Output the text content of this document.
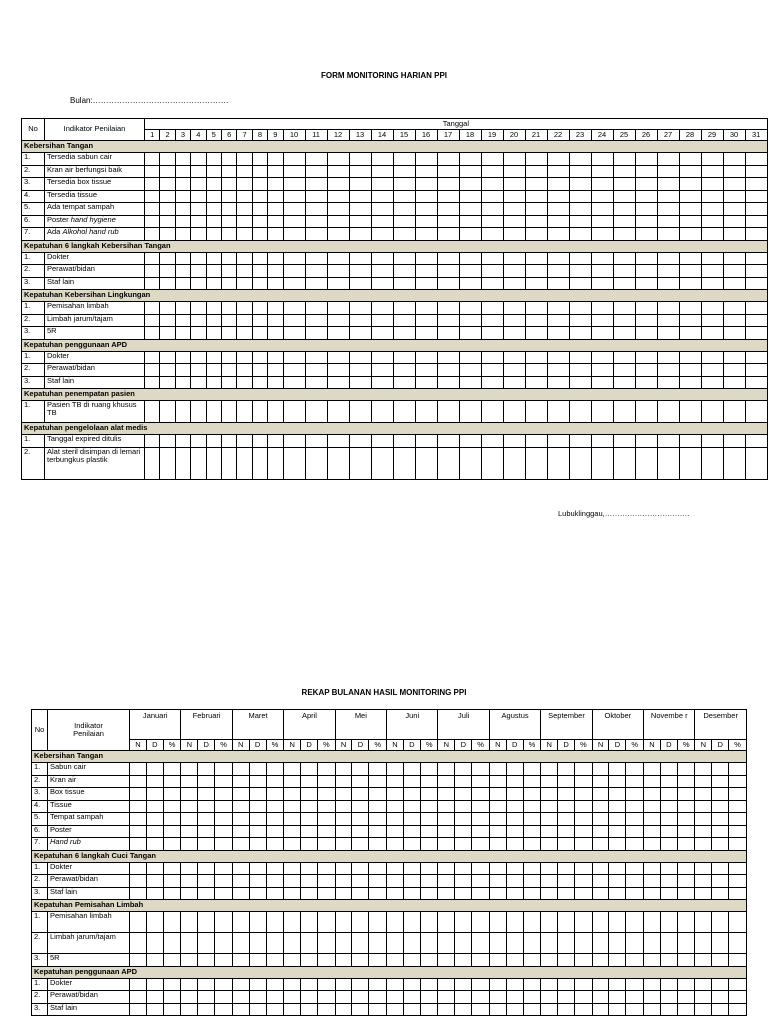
FORM MONITORING HARIAN PPI
Bulan:……………………………………………
No	Indikator Penilaian	Tanggal																														
		1	2	3	4	5	6	7	8	9	10	11	12	13	14	15	16	17	18	19	20	21	22	23	24	25	26	27	28	29	30	31
Kebersihan Tangan																																
1.	Tersedia sabun cair																															
2.	Kran air berfungsi baik																															
3.	Tersedia box tissue																															
4.	Tersedia tissue																															
5.	Ada tempat sampah																															
6.	Poster hand hygiene																															
7.	Ada Alkohol hand rub																															
Kepatuhan 6 langkah Kebersihan Tangan																																
1.	Dokter																															
2.	Perawat/bidan																															
3.	Staf lain																															
Kepatuhan Kebersihan Lingkungan																																
1.	Pemisahan limbah																															
2.	Limbah jarum/tajam																															
3.	5R																															
Kepatuhan penggunaan APD																																
1.	Dokter																															
2.	Perawat/bidan																															
3.	Staf lain																															
Kepatuhan penempatan pasien																																
1.	Pasien TB di ruang khusus TB																															
Kepatuhan pengelolaan alat medis																																
1.	Tanggal expired ditulis																															
2.	Alat steril disimpan di lemari terbungkus plastik																															
Lubuklinggau,…………………………….
REKAP BULANAN HASIL MONITORING PPI
No	Indikator Penilaian	Januari			Februari			Maret			April			Mei			Juni			Juli			Agustus			September			Oktober			Novembe r			Desember		
		N	D	%	N	D	%	N	D	%	N	D	%	N	D	%	N	D	%	N	D	%	N	D	%	N	D	%	N	D	%	N	D	%	N	D	%
Kebersihan Tangan																																					
1.	Sabun cair																																				
2.	Kran air																																				
3.	Box tissue																																				
4.	Tissue																																				
5.	Tempat sampah																																				
6.	Poster																																				
7.	Hand rub																																				
Kepatuhan 6 langkah Cuci Tangan																																					
1.	Dokter																																				
2.	Perawat/bidan																																				
3.	Staf lain																																				
Kepatuhan Pemisahan Limbah																																					
1.	Pemisahan limbah																																				
2.	Limbah jarum/tajam																																				
3.	5R																																				
Kepatuhan penggunaan APD																																					
1.	Dokter																																				
2.	Perawat/bidan																																				
3.	Staf lain																																				
